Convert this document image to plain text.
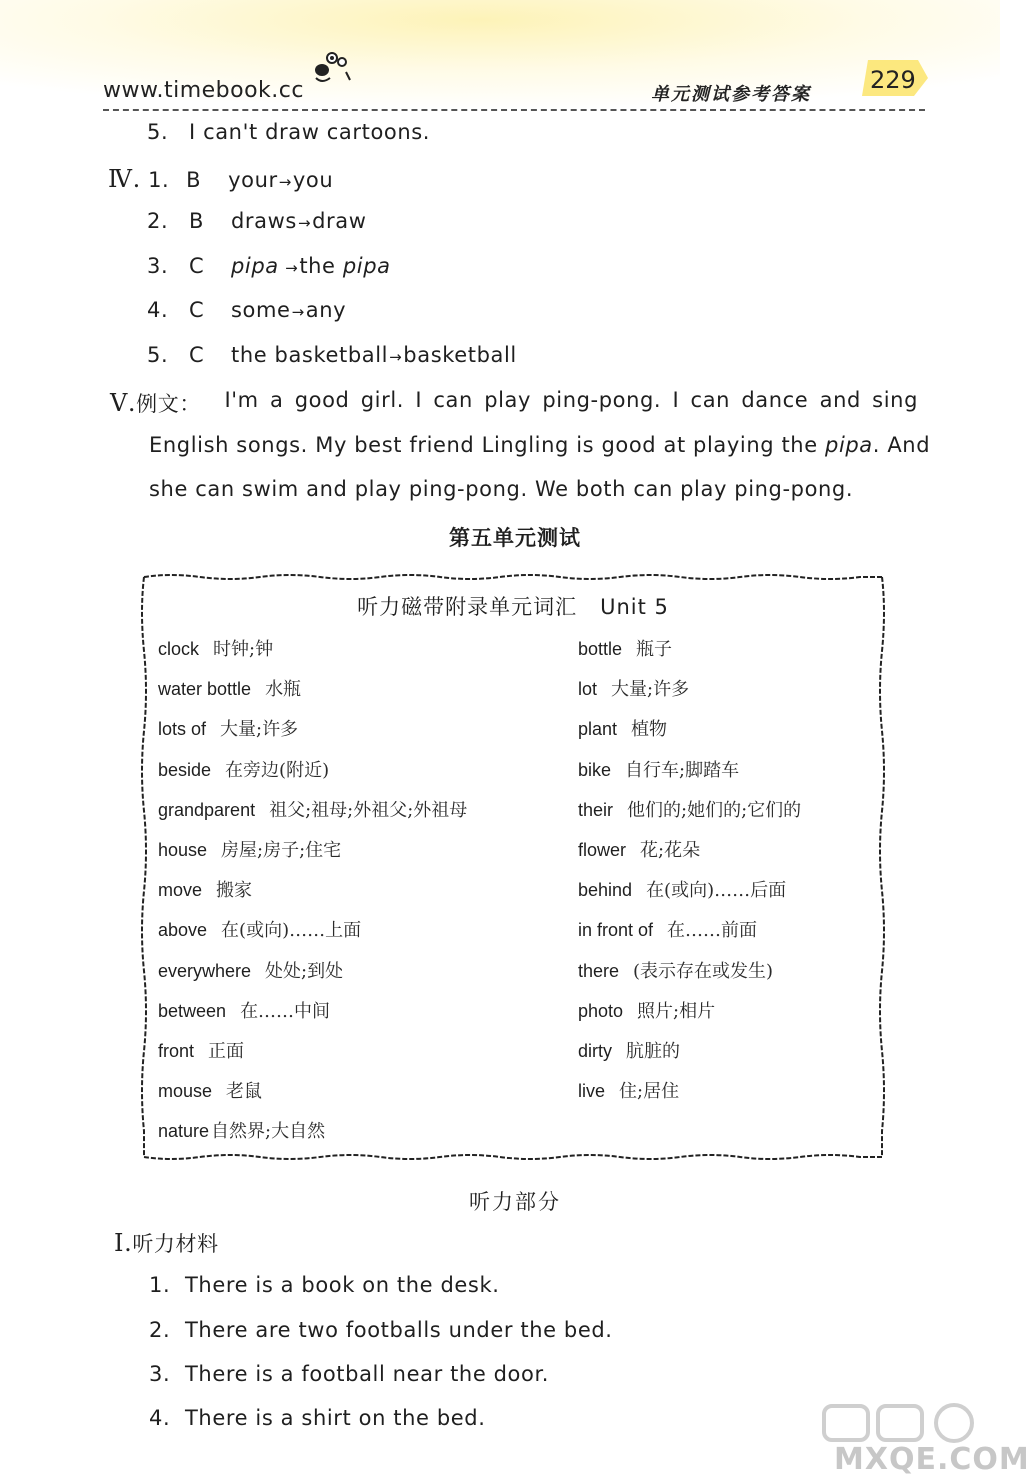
www.timebook.cc	单元测试参考答案
229
5. I can't draw cartoons.
Ⅳ. 1. B your→you
2. B draws→draw
3. C pipa →the pipa
4. C some→any
5. C the basketball→basketball
Ⅴ.例文： I'm a good girl. I can play ping-pong. I can dance and sing
English songs. My best friend Lingling is good at playing the pipa. And
she can swim and play ping-pong. We both can play ping-pong.
第五单元测试
听力磁带附录单元词汇 Unit 5
clock 时钟;钟	bottle 瓶子
water bottle 水瓶	lot 大量;许多
lots of 大量;许多	plant 植物
beside 在旁边(附近)	bike 自行车;脚踏车
grandparent 祖父;祖母;外祖父;外祖母	their 他们的;她们的;它们的
house 房屋;房子;住宅	flower 花;花朵
move 搬家	behind 在(或向)……后面
above 在(或向)……上面	in front of 在……前面
everywhere 处处;到处	there (表示存在或发生)
between 在……中间	photo 照片;相片
front 正面	dirty 肮脏的
mouse 老鼠	live 住;居住
nature 自然界;大自然
听力部分
Ⅰ.听力材料
1. There is a book on the desk.
2. There are two footballs under the bed.
3. There is a football near the door.
4. There is a shirt on the bed.
MXQE.COM
